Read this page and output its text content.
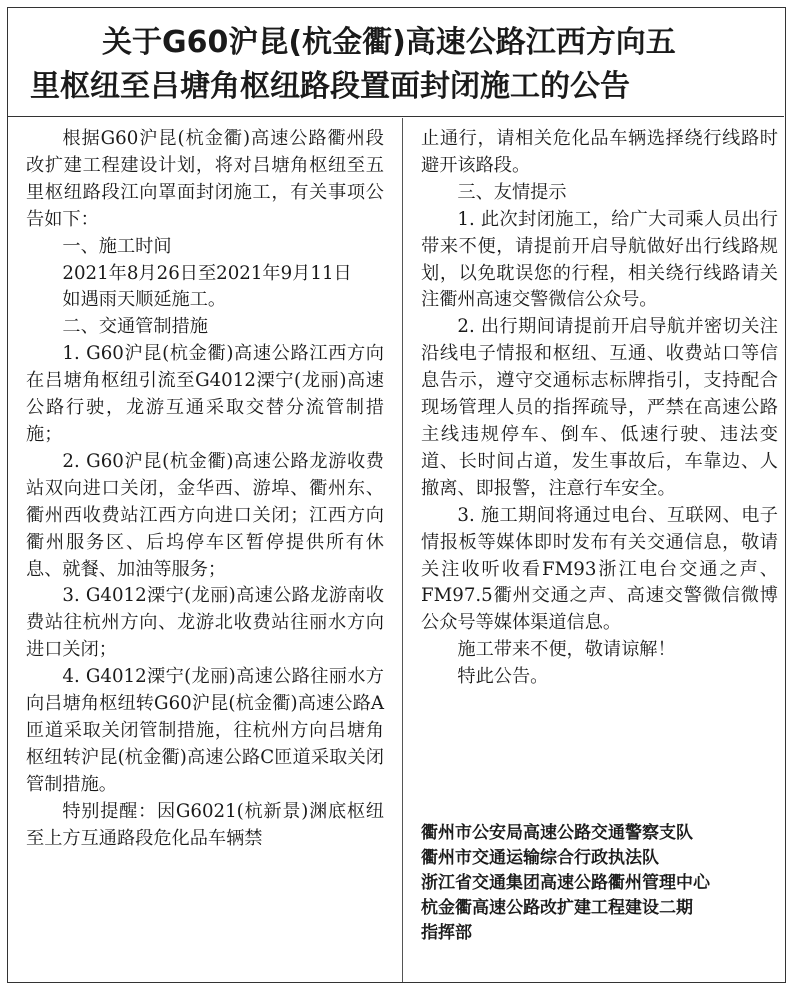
关于G60沪昆(杭金衢)高速公路江西方向五
里枢纽至吕塘角枢纽路段置面封闭施工的公告

根据G60沪昆(杭金衢)高速公路衢州段改扩建工程建设计划，将对吕塘角枢纽至五里枢纽路段江向罩面封闭施工，有关事项公告如下：

一、施工时间

2021年8月26日至2021年9月11日

如遇雨天顺延施工。

二、交通管制措施

1. G60沪昆(杭金衢)高速公路江西方向在吕塘角枢纽引流至G4012溧宁(龙丽)高速公路行驶，龙游互通采取交替分流管制措施；

2. G60沪昆(杭金衢)高速公路龙游收费站双向进口关闭，金华西、游埠、衢州东、衢州西收费站江西方向进口关闭；江西方向衢州服务区、后坞停车区暂停提供所有休息、就餐、加油等服务；

3. G4012溧宁(龙丽)高速公路龙游南收费站往杭州方向、龙游北收费站往丽水方向进口关闭；

4. G4012溧宁(龙丽)高速公路往丽水方向吕塘角枢纽转G60沪昆(杭金衢)高速公路A匝道采取关闭管制措施，往杭州方向吕塘角枢纽转沪昆(杭金衢)高速公路C匝道采取关闭管制措施。

特别提醒：因G6021(杭新景)渊底枢纽至上方互通路段危化品车辆禁

止通行，请相关危化品车辆选择绕行线路时避开该路段。

三、友情提示

1. 此次封闭施工，给广大司乘人员出行带来不便，请提前开启导航做好出行线路规划，以免耽误您的行程，相关绕行线路请关注衢州高速交警微信公众号。

2. 出行期间请提前开启导航并密切关注沿线电子情报和枢纽、互通、收费站口等信息告示，遵守交通标志标牌指引，支持配合现场管理人员的指挥疏导，严禁在高速公路主线违规停车、倒车、低速行驶、违法变道、长时间占道，发生事故后，车靠边、人撤离、即报警，注意行车安全。

3. 施工期间将通过电台、互联网、电子情报板等媒体即时发布有关交通信息，敬请关注收听收看FM93浙江电台交通之声、FM97.5衢州交通之声、高速交警微信微博公众号等媒体渠道信息。

施工带来不便，敬请谅解！

特此公告。

衢州市公安局高速公路交通警察支队
衢州市交通运输综合行政执法队
浙江省交通集团高速公路衢州管理中心
杭金衢高速公路改扩建工程建设二期
指挥部
